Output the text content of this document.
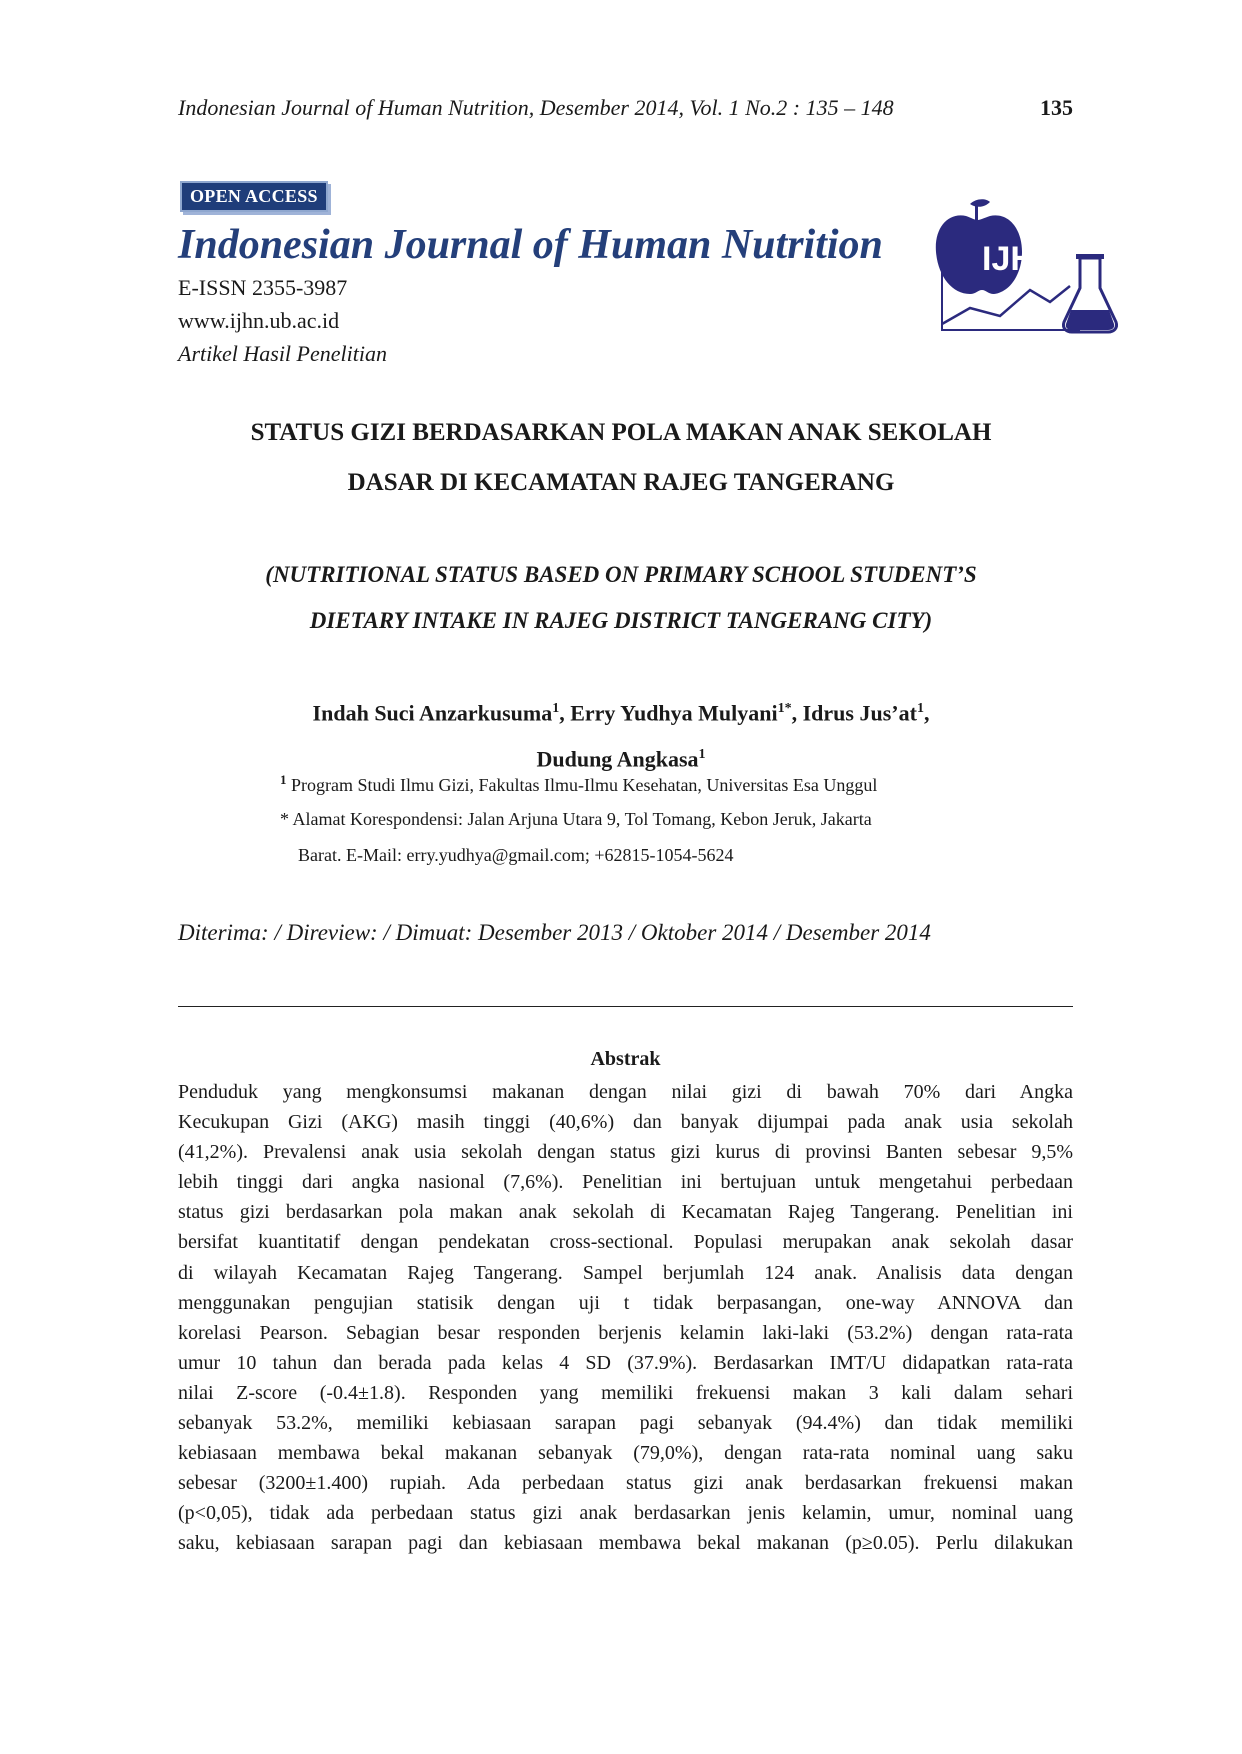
Indonesian Journal of Human Nutrition, Desember 2014, Vol. 1 No.2 : 135 – 148	135
OPEN ACCESS
Indonesian Journal of Human Nutrition
E-ISSN 2355-3987
www.ijhn.ub.ac.id
Artikel Hasil Penelitian
IJHN
STATUS GIZI BERDASARKAN POLA MAKAN ANAK SEKOLAH
DASAR DI KECAMATAN RAJEG TANGERANG
(NUTRITIONAL STATUS BASED ON PRIMARY SCHOOL STUDENT’S
DIETARY INTAKE IN RAJEG DISTRICT TANGERANG CITY)
Indah Suci Anzarkusuma$^1$, Erry Yudhya Mulyani$^{1*}$, Idrus $Jus’at^1$,
Dudung Angkasa$^1$
$^1$ Program Studi Ilmu Gizi, Fakultas Ilmu-Ilmu Kesehatan, Universitas Esa Unggul
* Alamat Korespondensi: Jalan Arjuna Utara 9, Tol Tomang, Kebon Jeruk, Jakarta
Barat. E-Mail: erry.yudhya@gmail.com; +62815-1054-5624
Diterima: / Direview: / Dimuat: Desember 2013 / Oktober 2014 / Desember 2014
Abstrak
Penduduk yang mengkonsumsi makanan dengan nilai gizi di bawah 70% dari Angka
Kecukupan Gizi (AKG) masih tinggi (40,6%) dan banyak dijumpai pada anak usia sekolah
(41,2%). Prevalensi anak usia sekolah dengan status gizi kurus di provinsi Banten sebesar 9,5%
lebih tinggi dari angka nasional (7,6%). Penelitian ini bertujuan untuk mengetahui perbedaan
status gizi berdasarkan pola makan anak sekolah di Kecamatan Rajeg Tangerang. Penelitian ini
bersifat kuantitatif dengan pendekatan cross-sectional. Populasi merupakan anak sekolah dasar
di wilayah Kecamatan Rajeg Tangerang. Sampel berjumlah 124 anak. Analisis data dengan
menggunakan pengujian statisik dengan uji t tidak berpasangan, one-way ANNOVA dan
korelasi Pearson. Sebagian besar responden berjenis kelamin laki-laki (53.2%) dengan rata-rata
umur 10 tahun dan berada pada kelas 4 SD (37.9%). Berdasarkan IMT/U didapatkan rata-rata
nilai Z-score (-0.4±1.8). Responden yang memiliki frekuensi makan 3 kali dalam sehari
sebanyak 53.2%, memiliki kebiasaan sarapan pagi sebanyak (94.4%) dan tidak memiliki
kebiasaan membawa bekal makanan sebanyak (79,0%), dengan rata-rata nominal uang saku
sebesar (3200±1.400) rupiah. Ada perbedaan status gizi anak berdasarkan frekuensi makan
(p<0,05), tidak ada perbedaan status gizi anak berdasarkan jenis kelamin, umur, nominal uang
saku, kebiasaan sarapan pagi dan kebiasaan membawa bekal makanan (p≥0.05). Perlu dilakukan
